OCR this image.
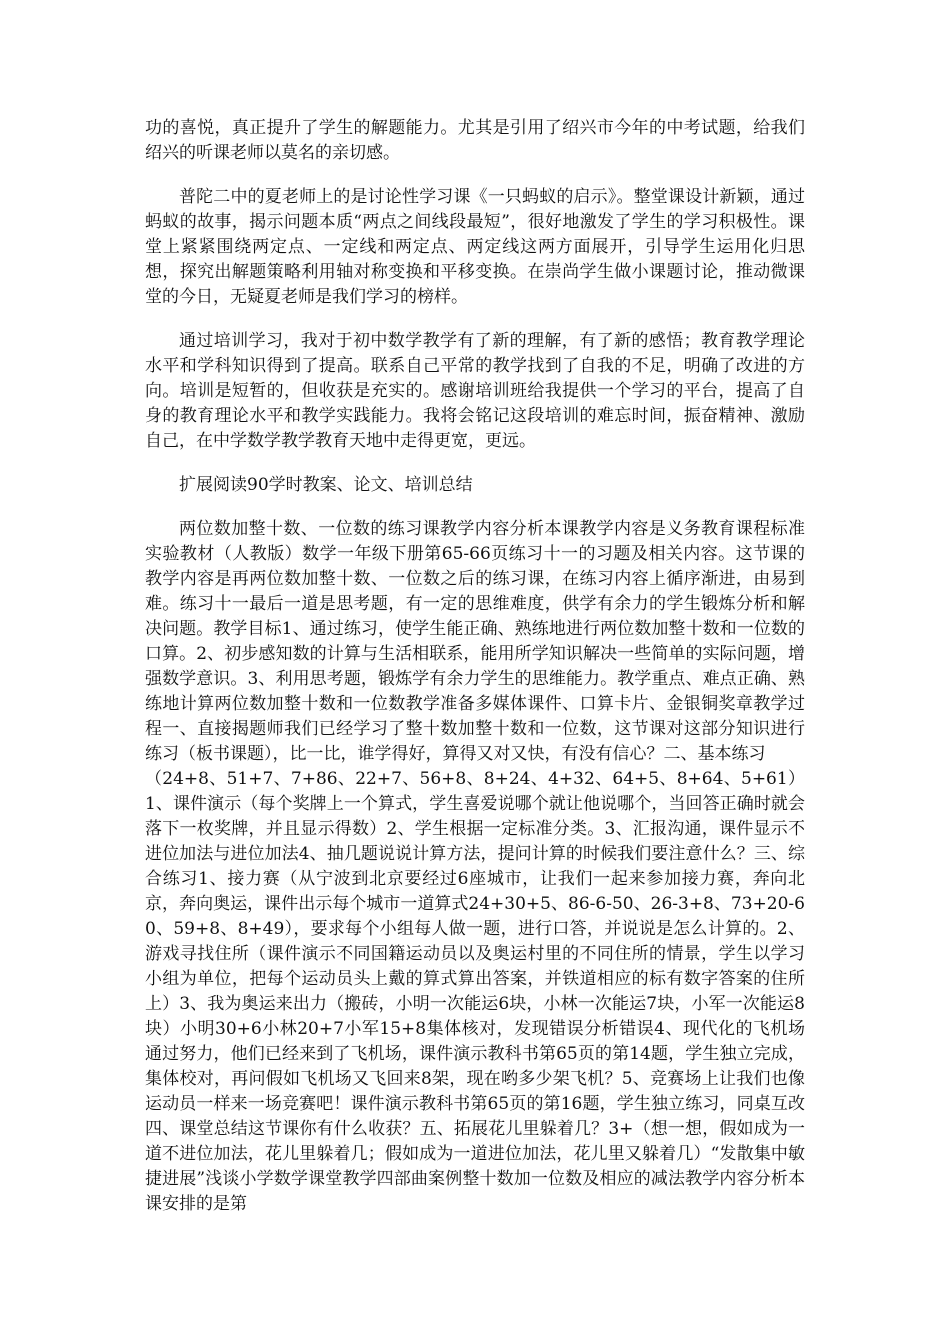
功的喜悦，真正提升了学生的解题能力。尤其是引用了绍兴市今年的中考试题，给我们绍兴的听课老师以莫名的亲切感。

普陀二中的夏老师上的是讨论性学习课《一只蚂蚁的启示》。整堂课设计新颖，通过蚂蚁的故事，揭示问题本质“两点之间线段最短”，很好地激发了学生的学习积极性。课堂上紧紧围绕两定点、一定线和两定点、两定线这两方面展开，引导学生运用化归思想，探究出解题策略利用轴对称变换和平移变换。在崇尚学生做小课题讨论，推动微课堂的今日，无疑夏老师是我们学习的榜样。

通过培训学习，我对于初中数学教学有了新的理解，有了新的感悟；教育教学理论水平和学科知识得到了提高。联系自己平常的教学找到了自我的不足，明确了改进的方向。培训是短暂的，但收获是充实的。感谢培训班给我提供一个学习的平台，提高了自身的教育理论水平和教学实践能力。我将会铭记这段培训的难忘时间，振奋精神、激励自己，在中学数学教学教育天地中走得更宽，更远。

扩展阅读90学时教案、论文、培训总结

两位数加整十数、一位数的练习课教学内容分析本课教学内容是义务教育课程标准实验教材（人教版）数学一年级下册第65-66页练习十一的习题及相关内容。这节课的教学内容是再两位数加整十数、一位数之后的练习课，在练习内容上循序渐进，由易到难。练习十一最后一道是思考题，有一定的思维难度，供学有余力的学生锻炼分析和解决问题。教学目标1、通过练习，使学生能正确、熟练地进行两位数加整十数和一位数的口算。2、初步感知数的计算与生活相联系，能用所学知识解决一些简单的实际问题，增强数学意识。3、利用思考题，锻炼学有余力学生的思维能力。教学重点、难点正确、熟练地计算两位数加整十数和一位数教学准备多媒体课件、口算卡片、金银铜奖章教学过程一、直接揭题师我们已经学习了整十数加整十数和一位数，这节课对这部分知识进行练习（板书课题），比一比，谁学得好，算得又对又快，有没有信心？二、基本练习

（24+8、51+7、7+86、22+7、56+8、8+24、4+32、64+5、8+64、5+61）1、课件演示（每个奖牌上一个算式，学生喜爱说哪个就让他说哪个，当回答正确时就会落下一枚奖牌，并且显示得数）2、学生根据一定标准分类。3、汇报沟通，课件显示不进位加法与进位加法4、抽几题说说计算方法，提问计算的时候我们要注意什么？三、综合练习1、接力赛（从宁波到北京要经过6座城市，让我们一起来参加接力赛，奔向北京，奔向奥运，课件出示每个城市一道算式24+30+5、86-6-50、26-3+8、73+20-60、59+8、8+49），要求每个小组每人做一题，进行口答，并说说是怎么计算的。2、游戏寻找住所（课件演示不同国籍运动员以及奥运村里的不同住所的情景，学生以学习小组为单位，把每个运动员头上戴的算式算出答案，并铁道相应的标有数字答案的住所上）3、我为奥运来出力（搬砖，小明一次能运6块，小林一次能运7块，小军一次能运8块）小明30+6小林20+7小军15+8集体核对，发现错误分析错误4、现代化的飞机场通过努力，他们已经来到了飞机场，课件演示教科书第65页的第14题，学生独立完成，集体校对，再问假如飞机场又飞回来8架，现在哟多少架飞机？5、竞赛场上让我们也像运动员一样来一场竞赛吧！课件演示教科书第65页的第16题，学生独立练习，同桌互改四、课堂总结这节课你有什么收获？五、拓展花儿里躲着几？3+（想一想，假如成为一道不进位加法，花儿里躲着几；假如成为一道进位加法，花儿里又躲着几）“发散集中敏捷进展”浅谈小学数学课堂教学四部曲案例整十数加一位数及相应的减法教学内容分析本课安排的是第
